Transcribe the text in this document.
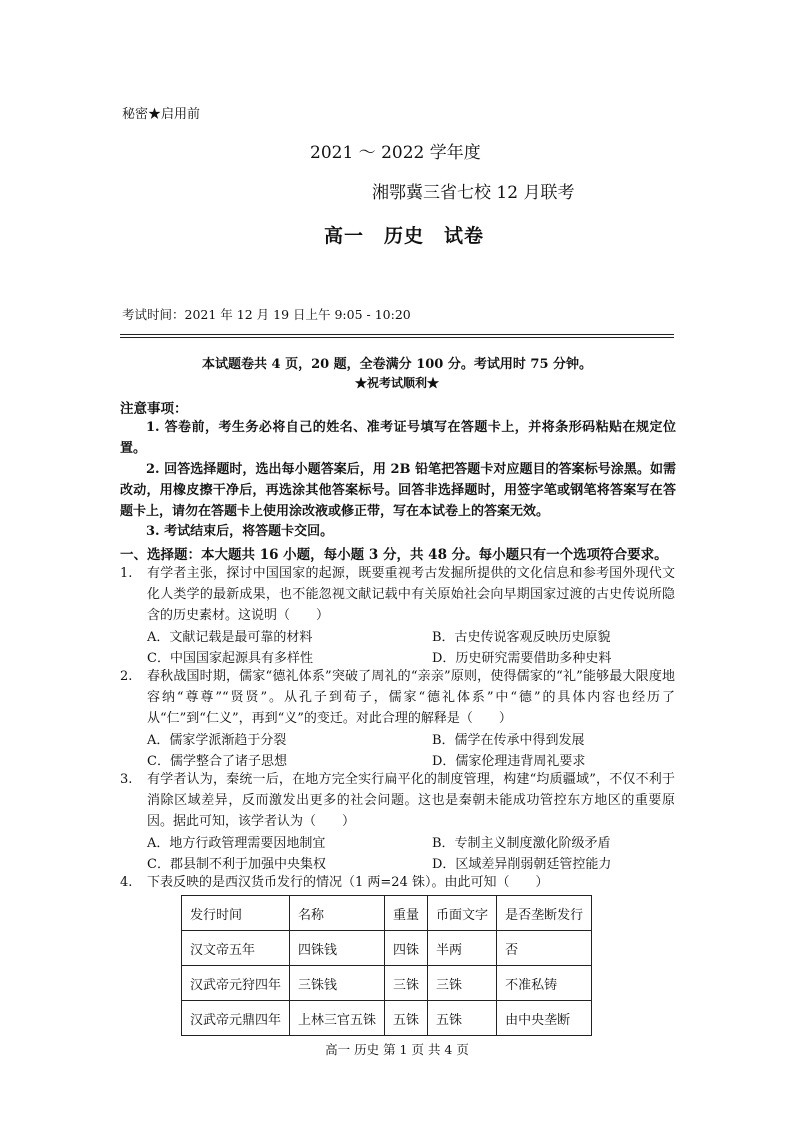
秘密★启用前
2021 ～ 2022 学年度
湘鄂冀三省七校 12 月联考
高一　历史　试卷
考试时间：2021 年 12 月 19 日上午 9:05 - 10:20
本试题卷共 4 页，20 题，全卷满分 100 分。考试用时 75 分钟。
★祝考试顺利★
注意事项：
1. 答卷前，考生务必将自己的姓名、准考证号填写在答题卡上，并将条形码粘贴在规定位置。
2. 回答选择题时，选出每小题答案后，用 2B 铅笔把答题卡对应题目的答案标号涂黑。如需改动，用橡皮擦干净后，再选涂其他答案标号。回答非选择题时，用签字笔或钢笔将答案写在答题卡上，请勿在答题卡上使用涂改液或修正带，写在本试卷上的答案无效。
3. 考试结束后，将答题卡交回。
一、选择题：本大题共 16 小题，每小题 3 分，共 48 分。每小题只有一个选项符合要求。
1. 有学者主张，探讨中国国家的起源，既要重视考古发掘所提供的文化信息和参考国外现代文化人类学的最新成果，也不能忽视文献记载中有关原始社会向早期国家过渡的古史传说所隐含的历史素材。这说明（　　）
A．文献记载是最可靠的材料	B．古史传说客观反映历史原貌
C．中国国家起源具有多样性	D．历史研究需要借助多种史料
2. 春秋战国时期，儒家“德礼体系”突破了周礼的“亲亲”原则，使得儒家的“礼”能够最大限度地容纳“尊尊”“贤贤”。从孔子到荀子，儒家“德礼体系”中“德”的具体内容也经历了从“仁”到“仁义”，再到“义”的变迁。对此合理的解释是（　　）
A．儒家学派渐趋于分裂	B．儒学在传承中得到发展
C．儒学整合了诸子思想	D．儒家伦理违背周礼要求
3. 有学者认为，秦统一后，在地方完全实行扁平化的制度管理，构建“均质疆域”，不仅不利于消除区域差异，反而激发出更多的社会问题。这也是秦朝未能成功管控东方地区的重要原因。据此可知，该学者认为（　　）
A．地方行政管理需要因地制宜	B．专制主义制度激化阶级矛盾
C．郡县制不利于加强中央集权	D．区域差异削弱朝廷管控能力
4. 下表反映的是西汉货币发行的情况（1 两=24 铢）。由此可知（　　）
发行时间	名称	重量	币面文字	是否垄断发行
汉文帝五年	四铢钱	四铢	半两	否
汉武帝元狩四年	三铢钱	三铢	三铢	不准私铸
汉武帝元鼎四年	上林三官五铢	五铢	五铢	由中央垄断
高一 历史 第 1 页 共 4 页
